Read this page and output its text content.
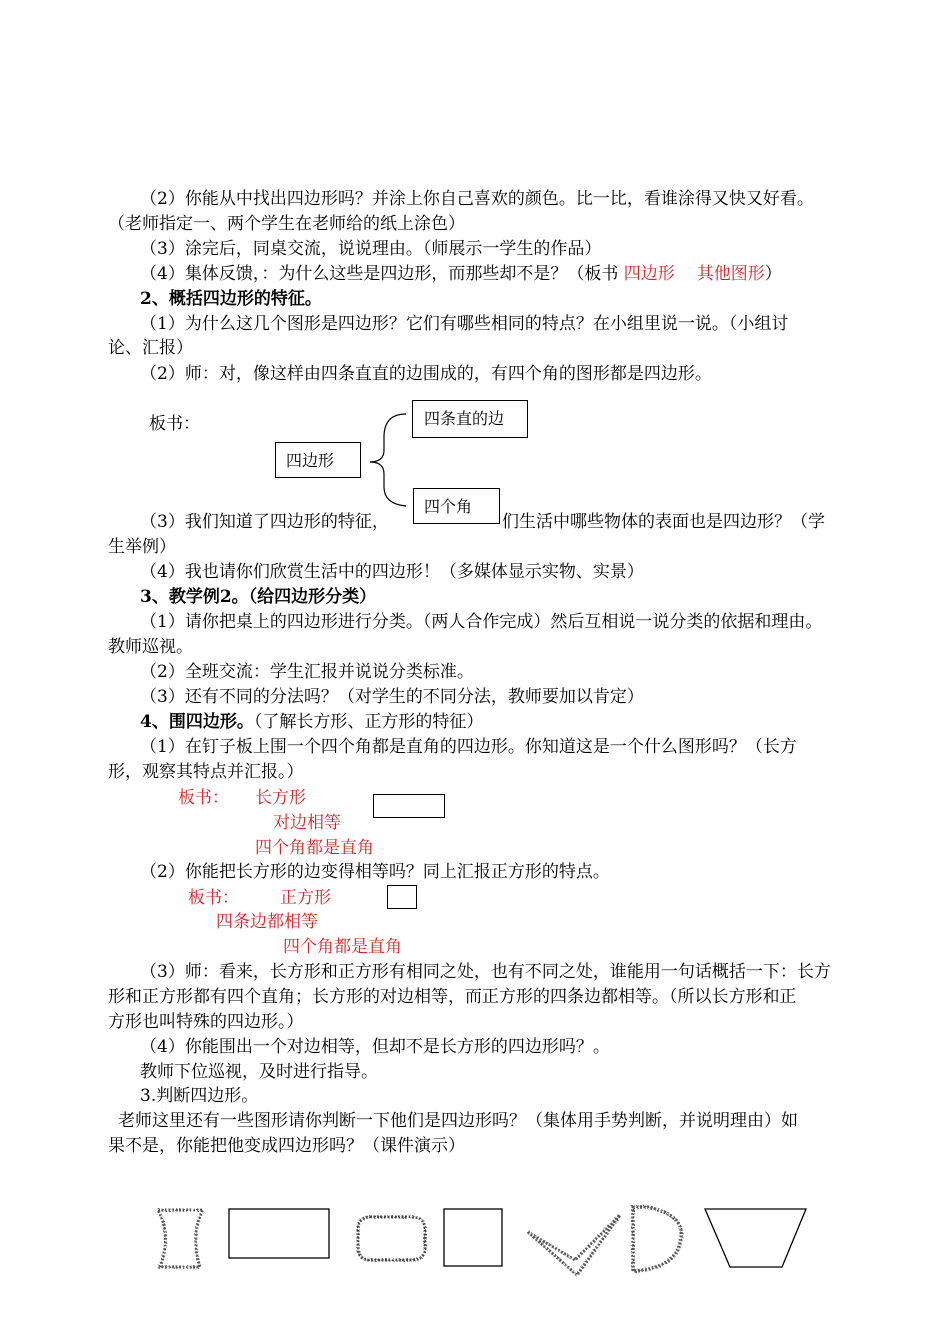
（2）你能从中找出四边形吗？并涂上你自己喜欢的颜色。比一比，看谁涂得又快又好看。
（老师指定一、两个学生在老师给的纸上涂色）
（3）涂完后，同桌交流，说说理由。（师展示一学生的作品）
（4）集体反馈，：为什么这些是四边形，而那些却不是？（板书 四边形 其他图形）
2、概括四边形的特征。
（1）为什么这几个图形是四边形？它们有哪些相同的特点？在小组里说一说。（小组讨
论、汇报）
（2）师：对，像这样由四条直直的边围成的，有四个角的图形都是四边形。
板书：
四边形
四条直的边
四个角
（3）我们知道了四边形的特征，	们生活中哪些物体的表面也是四边形？（学
生举例）
（4）我也请你们欣赏生活中的四边形！（多媒体显示实物、实景）
3、教学例2。（给四边形分类）
（1）请你把桌上的四边形进行分类。（两人合作完成）然后互相说一说分类的依据和理由。
教师巡视。
（2）全班交流：学生汇报并说说分类标准。
（3）还有不同的分法吗？（对学生的不同分法，教师要加以肯定）
4、围四边形。（了解长方形、正方形的特征）
（1）在钉子板上围一个四个角都是直角的四边形。你知道这是一个什么图形吗？（长方
形，观察其特点并汇报。）
板书： 长方形
对边相等
四个角都是直角
（2）你能把长方形的边变得相等吗？同上汇报正方形的特点。
板书： 正方形
四条边都相等
四个角都是直角
（3）师：看来，长方形和正方形有相同之处，也有不同之处，谁能用一句话概括一下：长方
形和正方形都有四个直角；长方形的对边相等，而正方形的四条边都相等。（所以长方形和正
方形也叫特殊的四边形。）
（4）你能围出一个对边相等，但却不是长方形的四边形吗？。
教师下位巡视，及时进行指导。
3.判断四边形。
老师这里还有一些图形请你判断一下他们是四边形吗？（集体用手势判断，并说明理由）如
果不是，你能把他变成四边形吗？（课件演示）
